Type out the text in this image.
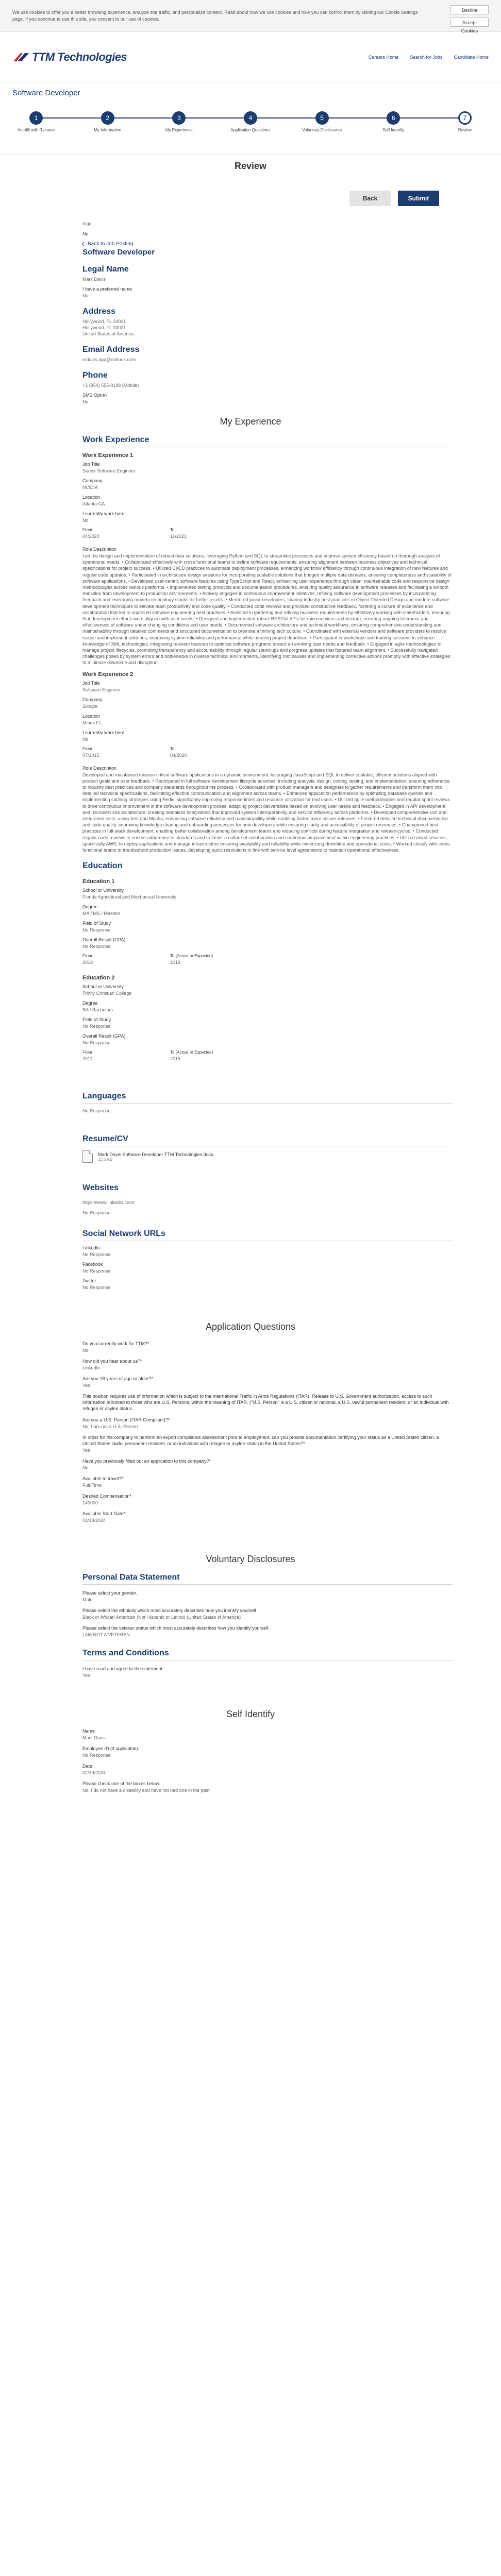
We use cookies to offer you a better browsing experience, analyze site traffic, and personalize content. Read about how we use cookies and how you can control them by visiting our Cookie Settings page. If you continue to use this site, you consent to our use of cookies.
Decline
Accept Cookies
TTM Technologies	Careers Home Search for Jobs Candidate Home
Software Developer
1
Autofill with Resume
2
My Information
3
My Experience
4
Application Questions
5
Voluntary Disclosures
6
Self Identify
7
Review
Review
Back	Submit
Inga
No
Back to Job Posting
Software Developer
Legal Name
Mark Davis
I have a preferred name
No
Address
Hollywood, FL 33021
Hollywood, FL 33021
United States of America
Email Address
mdavis.app@outlook.com
Phone
+1 (954) 555-0198 (Mobile)
SMS Opt-In
No
My Experience
Work Experience
Work Experience 1
Job Title
Senior Software Engineer
Company
NVIDIA
Location
Atlanta GA
I currently work here
No
From
04/2020
To
11/2023
Role Description
Led the design and implementation of robust data solutions, leveraging Python and SQL to streamline processes and improve system efficiency based on thorough analysis of operational needs. • Collaborated effectively with cross-functional teams to define software requirements, ensuring alignment between business objectives and technical specifications for project success. • Utilized CI/CD practices to automate deployment processes, enhancing workflow efficiency through continuous integration of new features and regular code updates. • Participated in architecture design sessions for incorporating scalable solutions that bridged multiple data domains, ensuring completeness and scalability of software applications. • Developed user-centric software features using TypeScript and React, enhancing user experience through clean, maintainable code and responsive design methodologies across various platforms. • Implemented testing protocols and documentation procedures, ensuring quality assurance in software releases and facilitating a smooth transition from development to production environments. • Actively engaged in continuous improvement initiatives, refining software development processes by incorporating feedback and leveraging modern technology stacks for better results. • Mentored junior developers, sharing industry best practices in Object-Oriented Design and modern software development techniques to elevate team productivity and code quality. • Conducted code reviews and provided constructive feedback, fostering a culture of excellence and collaboration that led to improved software engineering best practices. • Assisted in gathering and refining business requirements by effectively working with stakeholders, ensuring that development efforts were aligned with user needs. • Designed and implemented robust RESTful APIs for microservices architecture, ensuring ongoing tolerance and effectiveness of software under changing conditions and user needs. • Documented software architecture and technical workflows, ensuring comprehensive understanding and maintainability through detailed comments and structured documentation to promote a thriving tech culture. • Coordinated with external vendors and software providers to resolve issues and implement solutions, improving system reliability and performance while meeting project deadlines. • Participated in workshops and training sessions to enhance knowledge of XML technologies, integrating relevant features to optimize software programs toward an evolving user needs and feedback. • Engaged in agile methodologies to manage project lifecycles, promoting transparency and accountability through regular stand-ups and progress updates that fostered team alignment. • Successfully navigated challenges posed by system errors and bottlenecks in diverse technical environments, identifying root causes and implementing corrective actions promptly with effective strategies to minimize downtime and disruption.
Work Experience 2
Job Title
Software Engineer
Company
Google
Location
Miami FL
I currently work here
No
From
07/2015
To
04/2020
Role Description
Developed and maintained mission-critical software applications in a dynamic environment, leveraging JavaScript and SQL to deliver scalable, efficient solutions aligned with product goals and user feedback. • Participated in full software development lifecycle activities, including analysis, design, coding, testing, and implementation, ensuring adherence to industry best practices and company standards throughout the process. • Collaborated with product managers and designers to gather requirements and transform them into detailed technical specifications, facilitating effective communication and alignment across teams. • Enhanced application performance by optimizing database queries and implementing caching strategies using Redis, significantly improving response times and resource utilization for end users. • Utilized agile methodologies and regular sprint reviews to drive continuous improvement in the software development process, adapting project deliverables based on evolving user needs and feedback. • Engaged in API development and microservices architecture, creating seamless integrations that improved system interoperability and service efficiency across platforms. • Developed comprehensive unit and integration tests, using Jest and Mocha, enhancing software reliability and maintainability while enabling faster, more secure releases. • Fostered detailed technical documentation and code quality, improving knowledge sharing and onboarding processes for new developers while ensuring clarity and accessibility of project resources. • Championed best practices in full-stack development, enabling better collaboration among development teams and reducing conflicts during feature integration and release cycles. • Conducted regular code reviews to ensure adherence to standards and to foster a culture of collaboration and continuous improvement within engineering practices. • Utilized cloud services, specifically AWS, to deploy applications and manage infrastructure ensuring availability and reliability while minimizing downtime and operational costs. • Worked closely with cross-functional teams to troubleshoot production issues, developing quick resolutions in line with service level agreements to maintain operational effectiveness.
Education
Education 1
School or University
Florida Agricultural and Mechanical University
Degree
MA / MS / Masters
Field of Study
No Response
Overall Result (GPA)
No Response
From
2018
To (Actual or Expected)
2019
Education 2
School or University
Trinity Christian College
Degree
BA / Bachelors
Field of Study
No Response
Overall Result (GPA)
No Response
From
2011
To (Actual or Expected)
2015
Languages
No Response
Resume/CV
Mark Davis Software Developer TTM Technologies.docx
22.5 KB
Websites
https://www.linkedin.com/
No Response
Social Network URLs
LinkedIn
No Response
Facebook
No Response
Twitter
No Response
Application Questions
Do you currently work for TTM?*
No
How did you hear about us?*
LinkedIn
Are you 18 years of age or older?*
Yes
This position requires use of information which is subject to the International Traffic in Arms Regulations (ITAR). Release to U.S. Government authorization, access to such information is limited to those who are U.S. Persons, within the meaning of ITAR. ("U.S. Person" is a U.S. citizen or national, a U.S. lawful permanent resident, or an individual with refugee or asylee status.
Are you a U.S. Person (ITAR Compliant)?*
No, I am not a U.S. Person
In order for the company to perform an export compliance assessment prior to employment, can you provide documentation certifying your status as a United States citizen, a United States lawful permanent resident, or an individual with refugee or asylee status in the United States?*
Yes
Have you previously filled out an application to this company?*
No
Available to travel?*
Full-Time
Desired Compensation*
140000
Available Start Date*
03/18/2024
Voluntary Disclosures
Personal Data Statement
Please select your gender.
Male
Please select the ethnicity which most accurately describes how you identify yourself.
Black or African American (Not Hispanic or Latino) (United States of America)
Please select the veteran status which most accurately describes how you identify yourself.
I AM NOT A VETERAN
Terms and Conditions
I have read and agree to the statement
Yes
Self Identify
Name
Mark Davis
Employee ID (if applicable)
No Response
Date
02/19/2024
Please check one of the boxes below:
No, I do not have a disability and have not had one in the past
